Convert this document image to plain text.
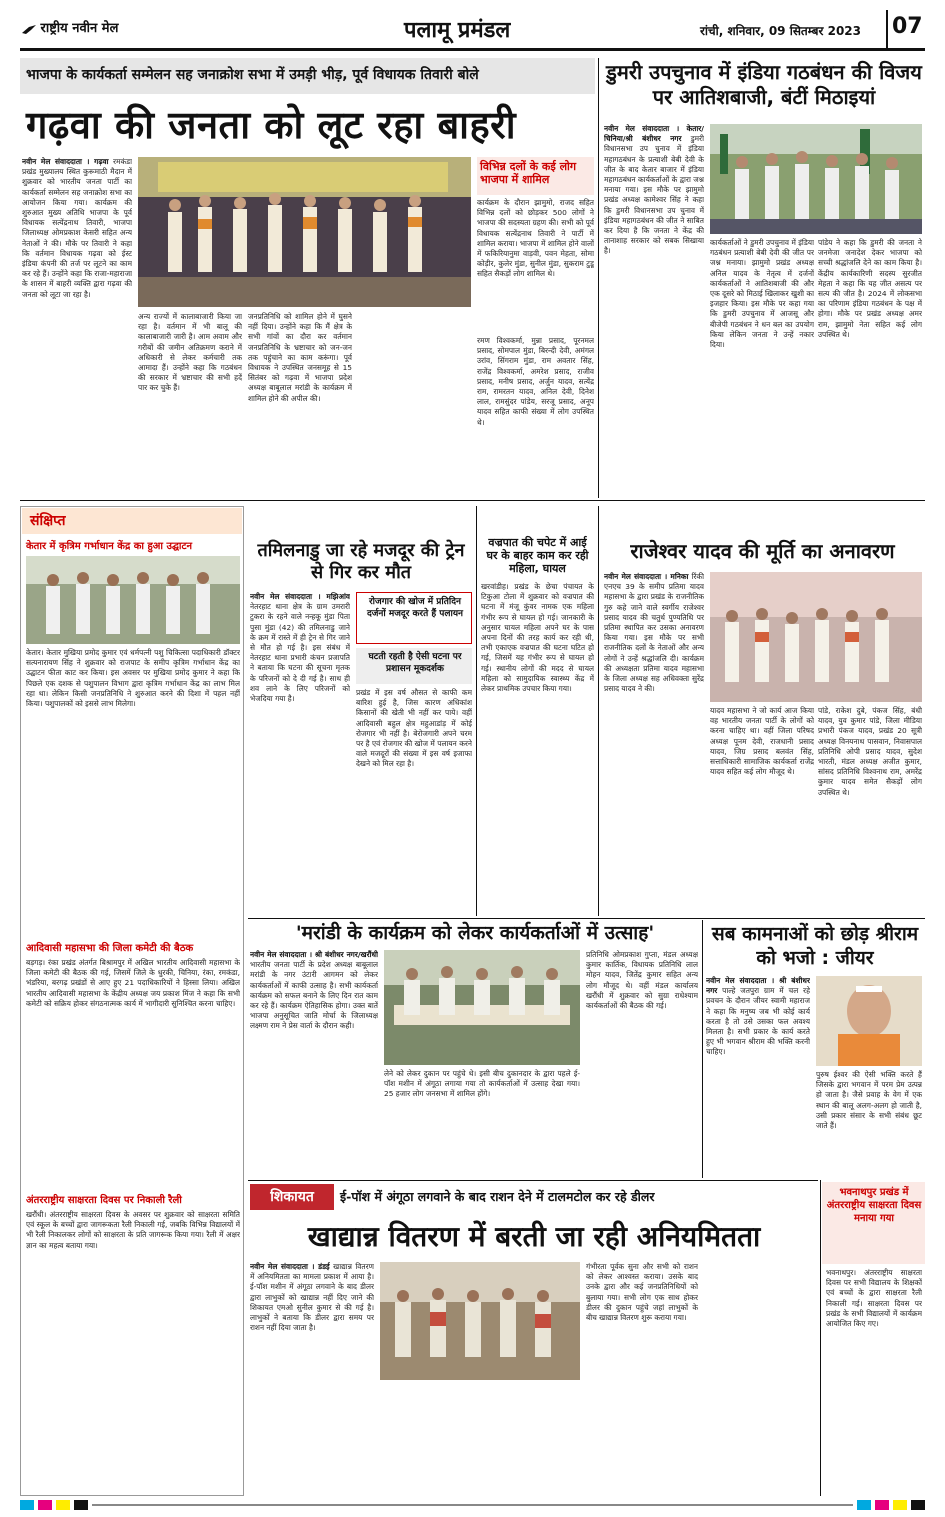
राष्ट्रीय नवीन मेल	पलामू प्रमंडल	रांची, शनिवार, 09 सितम्बर 2023 07
भाजपा के कार्यकर्ता सम्मेलन सह जनाक्रोश सभा में उमड़ी भीड़, पूर्व विधायक तिवारी बोले
गढ़वा की जनता को लूट रहा बाहरी
नवीन मेल संवाददाता । गढ़वा रमकंडा प्रखंड मुख्यालय स्थित कुरूमाठी मैदान में शुक्रवार को भारतीय जनता पार्टी का कार्यकर्ता सम्मेलन सह जनाक्रोश सभा का आयोजन किया गया। कार्यक्रम की शुरुआत मुख्य अतिथि भाजपा के पूर्व विधायक सत्येंद्रनाथ तिवारी, भाजपा जिलाध्यक्ष ओमप्रकाश केसरी सहित अन्य नेताओं ने की। मौके पर तिवारी ने कहा कि वर्तमान विधायक गढ़वा को ईस्ट इंडिया कंपनी की तर्ज पर लूटने का काम कर रहे हैं। उन्होंने कहा कि राजा-महाराजा के शासन में बाहरी व्यक्ति द्वारा गढ़वा की जनता को लूटा जा रहा है।
अन्य राज्यों में कालाबाजारी किया जा रहा है। वर्तमान में भी बालू की कालाबाजारी जारी है। आम अवाम और गरीबों की जमीन अतिक्रमण कराने में अधिकारी से लेकर कर्मचारी तक आमादा हैं। उन्होंने कहा कि गठबंधन की सरकार में भ्रष्टाचार की सभी हदें पार कर चुके हैं।
जनप्रतिनिधि को शामिल होने में घुसने नहीं दिया। उन्होंने कहा कि मैं क्षेत्र के सभी गांवों का दौरा कर वर्तमान जनप्रतिनिधि के भ्रष्टाचार को जन-जन तक पहुंचाने का काम करूंगा। पूर्व विधायक ने उपस्थित जनसमूह से 15 सितंबर को गढ़वा में भाजपा प्रदेश अध्यक्ष बाबूलाल मरांडी के कार्यक्रम में शामिल होने की अपील की।
विभिन्न दलों के कई लोग भाजपा में शामिल
कार्यक्रम के दौरान झामुमो, राजद सहित विभिन्न दलों को छोड़कर 500 लोगों ने भाजपा की सदस्यता ग्रहण की। सभी को पूर्व विधायक सत्येंद्रनाथ तिवारी ने पार्टी में शामिल कराया। भाजपा में शामिल होने वालों में फकिरियानुमा वाड़वी, पवन मेहता, सोमा कोड़ीर, कुलेर मुंडा, सुनील मुंडा, सुकराम टुडू सहित सैकड़ों लोग शामिल थे।
रमण विश्वकर्मा, मुन्ना प्रसाद, पूरनमल प्रसाद, सोमपाल मुंडा, बिरन्दी देवी, अमंगल उरांव, सिंगराम मुंडा, राम अवतार सिंह, राजेंद्र विश्वकर्मा, अमरेश प्रसाद, राजीव प्रसाद, मनीष प्रसाद, अर्जुन यादव, सत्येंद्र राम, रामरतन यादव, अनिल देवी, दिनेश लाल, रामसुंदर पांडेय, सरजू प्रसाद, अनूप यादव सहित काफी संख्या में लोग उपस्थित थे।
डुमरी उपचुनाव में इंडिया गठबंधन की विजय पर आतिशबाजी, बंटीं मिठाइयां
नवीन मेल संवाददाता । केतार/चिनिया/श्री बंशीधर नगर डुमरी विधानसभा उप चुनाव में इंडिया महागठबंधन के प्रत्याशी बेबी देवी के जीत के बाद केतार बाजार में इंडिया महागठबंधन कार्यकर्ताओं के द्वारा जश्न मनाया गया। इस मौके पर झामुमो प्रखंड अध्यक्ष कामेश्वर सिंह ने कहा कि डुमरी विधानसभा उप चुनाव में इंडिया महागठबंधन की जीत ने साबित कर दिया है कि जनता ने केंद्र की तानाशाह सरकार को सबक सिखाया है।
कार्यकर्ताओं ने डुमरी उपचुनाव में इंडिया गठबंधन प्रत्याशी बेबी देवी की जीत पर जश्न मनाया। झामुमो प्रखंड अध्यक्ष अनिल यादव के नेतृत्व में दर्जनों कार्यकर्ताओं ने आतिशबाजी की और एक दूसरे को मिठाई खिलाकर खुशी का इजहार किया। इस मौके पर कहा गया कि डुमरी उपचुनाव में आजसू और बीजेपी गठबंधन ने धन बल का उपयोग किया लेकिन जनता ने उन्हें नकार दिया।
पांडेय ने कहा कि डुमरी की जनता ने जनमेजा जनादेश देकर भाजपा को सच्ची श्रद्धांजलि देने का काम किया है। केंद्रीय कार्यकारिणी सदस्य सुरजीत मेहता ने कहा कि यह जीत असत्य पर सत्य की जीत है। 2024 में लोकसभा का परिणाम इंडिया गठबंधन के पक्ष में होगा। मौके पर प्रखंड अध्यक्ष अमर राम, झामुमो नेता सहित कई लोग उपस्थित थे।
संक्षिप्त
केतार में कृत्रिम गर्भाधान केंद्र का हुआ उद्घाटन
केतार। केतार मुखिया प्रमोद कुमार एवं धर्मपत्नी पशु चिकित्सा पदाधिकारी डॉक्टर सत्यनारायण सिंह ने शुक्रवार को राजपाट के समीप कृत्रिम गर्भाधान केंद्र का उद्घाटन फीता काट कर किया। इस अवसर पर मुखिया प्रमोद कुमार ने कहा कि पिछले एक दशक से पशुपालन विभाग द्वारा कृत्रिम गर्भाधान केंद्र का लाभ मिल रहा था। लेकिन किसी जनप्रतिनिधि ने शुरुआत करने की दिशा में पहल नहीं किया। पशुपालकों को इससे लाभ मिलेगा।
आदिवासी महासभा की जिला कमेटी की बैठक
बड़गड़। रंका प्रखंड अंतर्गत बिश्रामपुर में अखिल भारतीय आदिवासी महासभा के जिला कमेटी की बैठक की गई, जिसमें जिले के धुरकी, चिनिया, रंका, रमकंडा, भंडरिया, बरगढ़ प्रखंडों से आए हुए 21 पदाधिकारियों ने हिस्सा लिया। अखिल भारतीय आदिवासी महासभा के केंद्रीय अध्यक्ष जय प्रकाश मिंज ने कहा कि सभी कमेटी को सक्रिय होकर संगठनात्मक कार्य में भागीदारी सुनिश्चित करना चाहिए।
अंतरराष्ट्रीय साक्षरता दिवस पर निकाली रैली
खरौंधी। अंतरराष्ट्रीय साक्षरता दिवस के अवसर पर शुक्रवार को साक्षरता समिति एवं स्कूल के बच्चों द्वारा जागरूकता रैली निकाली गई, जबकि विभिन्न विद्यालयों में भी रैली निकालकर लोगों को साक्षरता के प्रति जागरूक किया गया। रैली में अक्षर ज्ञान का महत्व बताया गया।
तमिलनाडु जा रहे मजदूर की ट्रेन से गिर कर मौत
नवीन मेल संवाददाता । मझिआंव नेतरहाट थाना क्षेत्र के ग्राम उमरारी टुकरा के रहने वाले नन्हकू मुंडा पिता पुसा मुंडा (42) की तमिलनाडु जाने के क्रम में रास्ते में ही ट्रेन से गिर जाने से मौत हो गई है। इस संबंध में नेतरहाट थाना प्रभारी कंचन प्रजापति ने बताया कि घटना की सूचना मृतक के परिजनों को दे दी गई है। साथ ही शव लाने के लिए परिजनों को भेजदिया गया है।
रोजगार की खोज में प्रतिदिन दर्जनों मजदूर करते हैं पलायन
घटती रहती है ऐसी घटना पर प्रशासन मूकदर्शक
प्रखंड में इस वर्ष औसत से काफी कम बारिश हुई है, जिस कारण अधिकांश किसानों की खेती भी नहीं कर पाये। वहीं आदिवासी बहुल क्षेत्र महुआडांड़ में कोई रोजगार भी नहीं है। बेरोजगारी अपने चरम पर है एवं रोजगार की खोज में पलायन करने वाले मजदूरों की संख्या में इस वर्ष इजाफा देखने को मिल रहा है।
वज्रपात की चपेट में आई घर के बाहर काम कर रही महिला, घायल
खरवांडीह। प्रखंड के छेचा पंचायत के टिकुआ टोला में शुक्रवार को वज्रपात की घटना में मंजू कुंवर नामक एक महिला गंभीर रूप से घायल हो गई। जानकारी के अनुसार घायल महिला अपने घर के पास अपना दिनों की तरह कार्य कर रही थी, तभी एकाएक वज्रपात की घटना घटित हो गई, जिसमें यह गंभीर रूप से घायल हो गई। स्थानीय लोगों की मदद से घायल महिला को सामुदायिक स्वास्थ्य केंद्र में लेकर प्राथमिक उपचार किया गया।
राजेश्वर यादव की मूर्ति का अनावरण
नवीन मेल संवाददाता । मनिका रिंकी एनएच 39 के समीप प्रतिमा यादव महासभा के द्वारा प्रखंड के राजनीतिक गुरु कहे जाने वाले स्वर्गीय राजेश्वर प्रसाद यादव की चतुर्थ पुण्यतिथि पर प्रतिमा स्थापित कर उसका अनावरण किया गया। इस मौके पर सभी राजनीतिक दलों के नेताओं और अन्य लोगों ने उन्हें श्रद्धांजलि दी। कार्यक्रम की अध्यक्षता प्रतिमा यादव महासभा के जिला अध्यक्ष सह अधिवक्ता सुरेंद्र प्रसाद यादव ने की।
यादव महासभा ने जो कार्य आज किया वह भारतीय जनता पार्टी के लोगों को करना चाहिए था। वहीं जिला परिषद अध्यक्ष पूनम देवी, राजधानी प्रसाद यादव, जिग्र प्रसाद बलवंत सिंह, सत्ताधिकारी सामाजिक कार्यकर्ता राजेंद्र यादव सहित कई लोग मौजूद थे।
पांडे, राकेश दुबे, पंकज सिंह, बंधी यादव, युव कुमार पांडे, जिला मीडिया प्रभारी पंकज यादव, प्रखंड 20 सूत्री अध्यक्ष विनयनाथ पासवान, निवासपाल प्रतिनिधि ओपी प्रसाद यादव, सुदेश भारती, मंडल अध्यक्ष अजीत कुमार, सांसद प्रतिनिधि विश्वनाथ राम, अमरेंद्र कुमार यादव समेत सैकड़ों लोग उपस्थित थे।
'मरांडी के कार्यक्रम को लेकर कार्यकर्ताओं में उत्साह'
नवीन मेल संवाददाता । श्री बंशीधर नगर/खरौंधी भारतीय जनता पार्टी के प्रदेश अध्यक्ष बाबूलाल मरांडी के नगर उंटारी आगमन को लेकर कार्यकर्ताओं में काफी उत्साह है। सभी कार्यकर्ता कार्यक्रम को सफल बनाने के लिए दिन रात काम कर रहे हैं। कार्यक्रम ऐतिहासिक होगा। उक्त बातें भाजपा अनुसूचित जाति मोर्चा के जिलाध्यक्ष लक्ष्मण राम ने प्रेस वार्ता के दौरान कही।
लेने को लेकर दुकान पर पहुंचे थे। इसी बीच दुकानदार के द्वारा पहले ई-पॉश मशीन में अंगूठा लगाया गया तो कार्यकर्ताओं में उत्साह देखा गया। 25 हजार लोग जनसभा में शामिल होंगे।
प्रतिनिधि ओमप्रकाश गुप्ता, मंडल अध्यक्ष कुमार कार्तिक, विधायक प्रतिनिधि लाल मोहन यादव, जितेंद्र कुमार सहित अन्य लोग मौजूद थे। वहीं मंडल कार्यालय खरौंधी में शुक्रवार को सुग्रा राधेश्याम कार्यकर्ताओं की बैठक की गई।
सब कामनाओं को छोड़ श्रीराम को भजो : जीयर
नवीन मेल संवाददाता । श्री बंशीधर नगर पाल्हे जतपुरा ग्राम में चल रहे प्रवचन के दौरान जीयर स्वामी महाराज ने कहा कि मनुष्य जब भी कोई कार्य करता है तो उसे उसका फल अवश्य मिलता है। सभी प्रकार के कार्य करते हुए भी भगवान श्रीराम की भक्ति करनी चाहिए।
पुरुष ईश्वर की ऐसी भक्ति करते हैं जिसके द्वारा भगवान में परम प्रेम उत्पन्न हो जाता है। जैसे प्रवाह के वेग में एक स्थान की बालू अलग-अलग हो जाती है, उसी प्रकार संसार के सभी संबंध छूट जाते हैं।
शिकायत	ई-पॉश में अंगूठा लगवाने के बाद राशन देने में टालमटोल कर रहे डीलर
खाद्यान्न वितरण में बरती जा रही अनियमितता
नवीन मेल संवाददाता । डंडई खाद्यान्न वितरण में अनियमितता का मामला प्रकाश में आया है। ई-पॉश मशीन में अंगूठा लगवाने के बाद डीलर द्वारा लाभुकों को खाद्यान्न नहीं दिए जाने की शिकायत एमओ सुनील कुमार से की गई है। लाभुकों ने बताया कि डीलर द्वारा समय पर राशन नहीं दिया जाता है।
गंभीरता पूर्वक सुना और सभी को राशन को लेकर आश्वस्त कराया। उसके बाद उनके द्वारा और कई जनप्रतिनिधियों को बुलाया गया। सभी लोग एक साथ होकर डीलर की दुकान पहुंचे जहां लाभुकों के बीच खाद्यान्न वितरण शुरू कराया गया।
भवनाथपुर प्रखंड में अंतरराष्ट्रीय साक्षरता दिवस मनाया गया
भवनाथपुर। अंतरराष्ट्रीय साक्षरता दिवस पर सभी विद्यालय के शिक्षकों एवं बच्चों के द्वारा साक्षरता रैली निकाली गई। साक्षरता दिवस पर प्रखंड के सभी विद्यालयों में कार्यक्रम आयोजित किए गए।
